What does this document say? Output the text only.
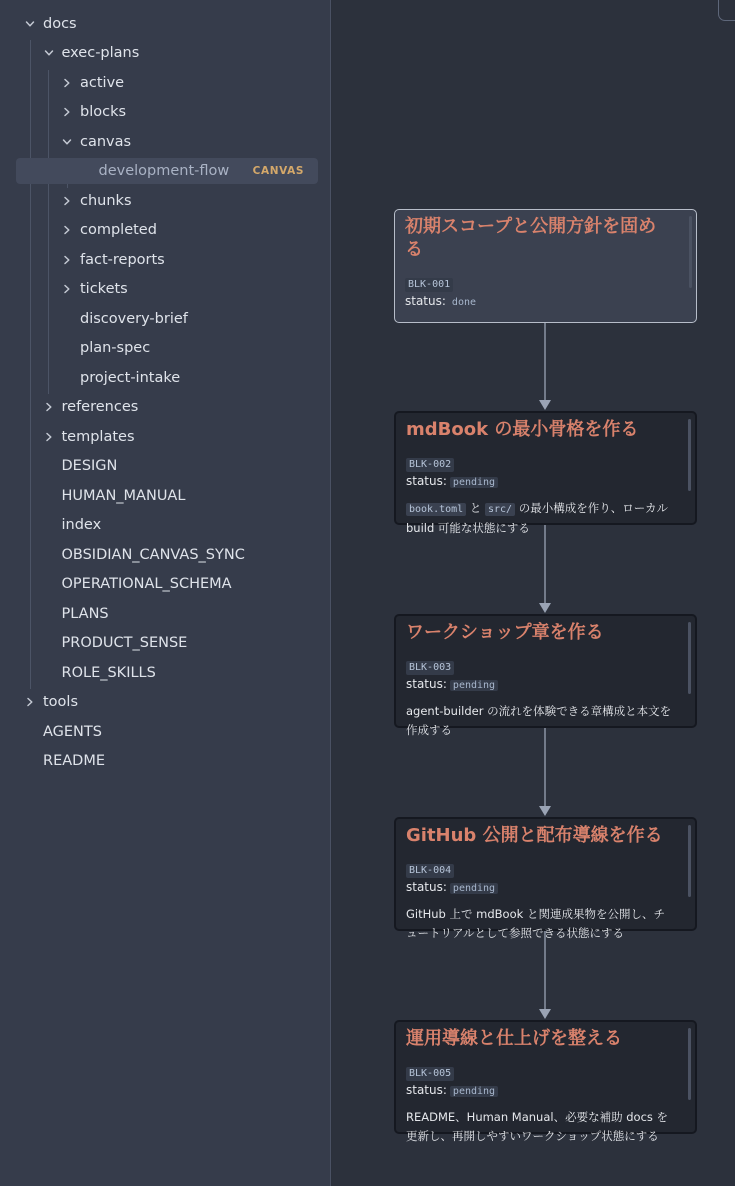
docs
exec-plans
active
blocks
canvas
development-flow CANVAS
chunks
completed
fact-reports
tickets
discovery-brief
plan-spec
project-intake
references
templates
DESIGN
HUMAN_MANUAL
index
OBSIDIAN_CANVAS_SYNC
OPERATIONAL_SCHEMA
PLANS
PRODUCT_SENSE
ROLE_SKILLS
tools
AGENTS
README
初期スコープと公開方針を固める
BLK-001
status: done
mdBook の最小骨格を作る
BLK-002
status: pending
book.toml と src/ の最小構成を作り、ローカル build 可能な状態にする
ワークショップ章を作る
BLK-003
status: pending
agent-builder の流れを体験できる章構成と本文を作成する
GitHub 公開と配布導線を作る
BLK-004
status: pending
GitHub 上で mdBook と関連成果物を公開し、チュートリアルとして参照できる状態にする
運用導線と仕上げを整える
BLK-005
status: pending
README、Human Manual、必要な補助 docs を更新し、再開しやすいワークショップ状態にする
